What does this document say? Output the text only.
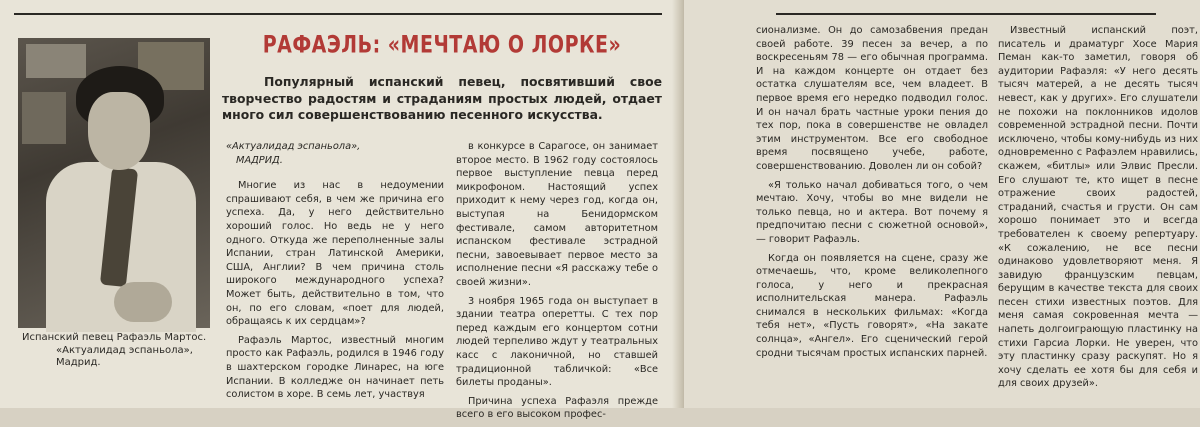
Испанский певец Рафаэль Мартос.
«Актуалидад эспаньола», Мадрид.
РАФАЭЛЬ: «МЕЧТАЮ О ЛОРКЕ»
Популярный испанский певец, посвятивший свое творчество радостям и страданиям простых людей, отдает много сил совершенствованию песенного искусства.
«Актуалидад эспаньола»,
МАДРИД.

Многие из нас в недоумении спрашивают себя, в чем же причина его успеха. Да, у него действительно хороший голос. Но ведь не у него одного. Откуда же переполненные залы Испании, стран Латинской Америки, США, Англии? В чем причина столь широкого международного успеха? Может быть, действительно в том, что он, по его словам, «поет для людей, обращаясь к их сердцам»?

Рафаэль Мартос, известный многим просто как Рафаэль, родился в 1946 году в шахтерском городке Линарес, на юге Испании. В колледже он начинает петь солистом в хоре. В семь лет, участвуя

в конкурсе в Сарагосе, он занимает второе место. В 1962 году состоялось первое выступление певца перед микрофоном. Настоящий успех приходит к нему через год, когда он, выступая на Бенидормском фестивале, самом авторитетном испанском фестивале эстрадной песни, завоевывает первое место за исполнение песни «Я расскажу тебе о своей жизни».

3 ноября 1965 года он выступает в здании театра оперетты. С тех пор перед каждым его концертом сотни людей терпеливо ждут у театральных касс с лаконичной, но ставшей традиционной табличкой: «Все билеты проданы».

Причина успеха Рафаэля прежде всего в его высоком профес-

сионализме. Он до самозабвения предан своей работе. 39 песен за вечер, а по воскресеньям 78 — его обычная программа. И на каждом концерте он отдает без остатка слушателям все, чем владеет. В первое время его нередко подводил голос. И он начал брать частные уроки пения до тех пор, пока в совершенстве не овладел этим инструментом. Все его свободное время посвящено учебе, работе, совершенствованию. Доволен ли он собой?

«Я только начал добиваться того, о чем мечтаю. Хочу, чтобы во мне видели не только певца, но и актера. Вот почему я предпочитаю песни с сюжетной основой», — говорит Рафаэль.

Когда он появляется на сцене, сразу же отмечаешь, что, кроме великолепного голоса, у него и прекрасная исполнительская манера. Рафаэль снимался в нескольких фильмах: «Когда тебя нет», «Пусть говорят», «На закате солнца», «Ангел». Его сценический герой сродни тысячам простых испанских парней.

Известный испанский поэт, писатель и драматург Хосе Мария Пеман как-то заметил, говоря об аудитории Рафаэля: «У него десять тысяч матерей, а не десять тысяч невест, как у других». Его слушатели не похожи на поклонников идолов современной эстрадной песни. Почти исключено, чтобы кому-нибудь из них одновременно с Рафаэлем нравились, скажем, «битлы» или Элвис Пресли. Его слушают те, кто ищет в песне отражение своих радостей, страданий, счастья и грусти. Он сам хорошо понимает это и всегда требователен к своему репертуару. «К сожалению, не все песни одинаково удовлетворяют меня. Я завидую французским певцам, берущим в качестве текста для своих песен стихи известных поэтов. Для меня самая сокровенная мечта — напеть долгоиграющую пластинку на стихи Гарсиа Лорки. Не уверен, что эту пластинку сразу раскупят. Но я хочу сделать ее хотя бы для себя и для своих друзей».
